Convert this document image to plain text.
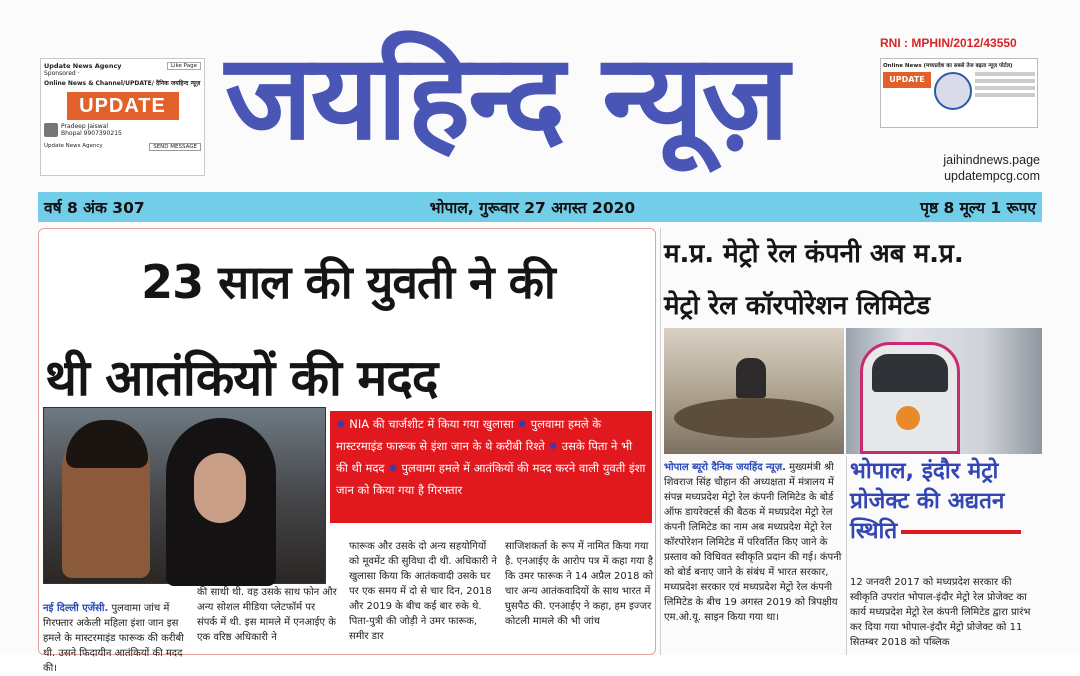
Update News Agency
Sponsored ·
Like Page
Online News & Channel/UPDATE/ दैनिक जयहिन्द न्यूज़
UPDATE
Pradeep Jaiswal
Bhopal 9907390215
Update News Agency	SEND MESSAGE जयहिन्द न्यूज़	RNI : MPHIN/2012/43550
Online News (मध्यप्रदेश का सबसे तेज बढ़ता न्यूज़ पोर्टल)
UPDATE
jaihindnews.page
updatempcg.com
वर्ष 8 अंक 307	भोपाल, गुरूवार 27 अगस्त 2020	पृष्ठ 8 मूल्य 1 रूपए
23 साल की युवती ने की
थी आतंकियों की मदद
✸ NIA की चार्जशीट में किया गया खुलासा ✸ पुलवामा हमले के मास्टरमाइंड फारूक से इंशा जान के थे करीबी रिश्ते ✸ उसके पिता ने भी की थी मदद ✸ पुलवामा हमले में आतंकियों की मदद करने वाली युवती इंशा जान को किया गया है गिरफ्तार
नई दिल्ली एजेंसी. पुलवामा जांच में गिरफ्तार अकेली महिला इंशा जान इस हमले के मास्टरमाइंड फारूक की करीबी थी. उसने फिदायीन आतंकियों की मदद की।
की साथी थी. वह उसके साथ फोन और अन्य सोशल मीडिया प्लेटफॉर्म पर संपर्क में थी. इस मामले में एनआईए के एक वरिष्ठ अधिकारी ने
फारूक और उसके दो अन्य सहयोगियों को मूवमेंट की सुविधा दी थी. अधिकारी ने खुलासा किया कि आतंकवादी उसके घर पर एक समय में दो से चार दिन, 2018 और 2019 के बीच कई बार रुके थे. पिता-पुत्री की जोड़ी ने उमर फारूक, समीर डार
साजिशकर्ता के रूप में नामित किया गया है. एनआईए के आरोप पत्र में कहा गया है कि उमर फारूक ने 14 अप्रैल 2018 को चार अन्य आतंकवादियों के साथ भारत में घुसपैठ की. एनआईए ने कहा, हम इज्जर कोटली मामले की भी जांच
म.प्र. मेट्रो रेल कंपनी अब म.प्र.
मेट्रो रेल कॉरपोरेशन लिमिटेड
भोपाल ब्यूरो दैनिक जयहिंद न्यूज़. मुख्यमंत्री श्री शिवराज सिंह चौहान की अध्यक्षता में मंत्रालय में संपन्न मध्यप्रदेश मेट्रो रेल कंपनी लिमिटेड के बोर्ड ऑफ डायरेक्टर्स की बैठक में मध्यप्रदेश मेट्रो रेल कंपनी लिमिटेड का नाम अब मध्यप्रदेश मेट्रो रेल कॉरपोरेशन लिमिटेड में परिवर्तित किए जाने के प्रस्ताव को विधिवत स्वीकृति प्रदान की गई। कंपनी को बोर्ड बनाए जाने के संबंध में भारत सरकार, मध्यप्रदेश सरकार एवं मध्यप्रदेश मेट्रो रेल कंपनी लिमिटेड के बीच 19 अगस्त 2019 को त्रिपक्षीय एम.ओ.यू. साइन किया गया था।
भोपाल, इंदौर मेट्रो प्रोजेक्ट की अद्यतन स्थिति
12 जनवरी 2017 को मध्यप्रदेश सरकार की स्वीकृति उपरांत भोपाल-इंदौर मेट्रो रेल प्रोजेक्ट का कार्य मध्यप्रदेश मेट्रो रेल कंपनी लिमिटेड द्वारा प्रारंभ कर दिया गया भोपाल-इंदौर मेट्रो प्रोजेक्ट को 11 सितम्बर 2018 को पब्लिक
